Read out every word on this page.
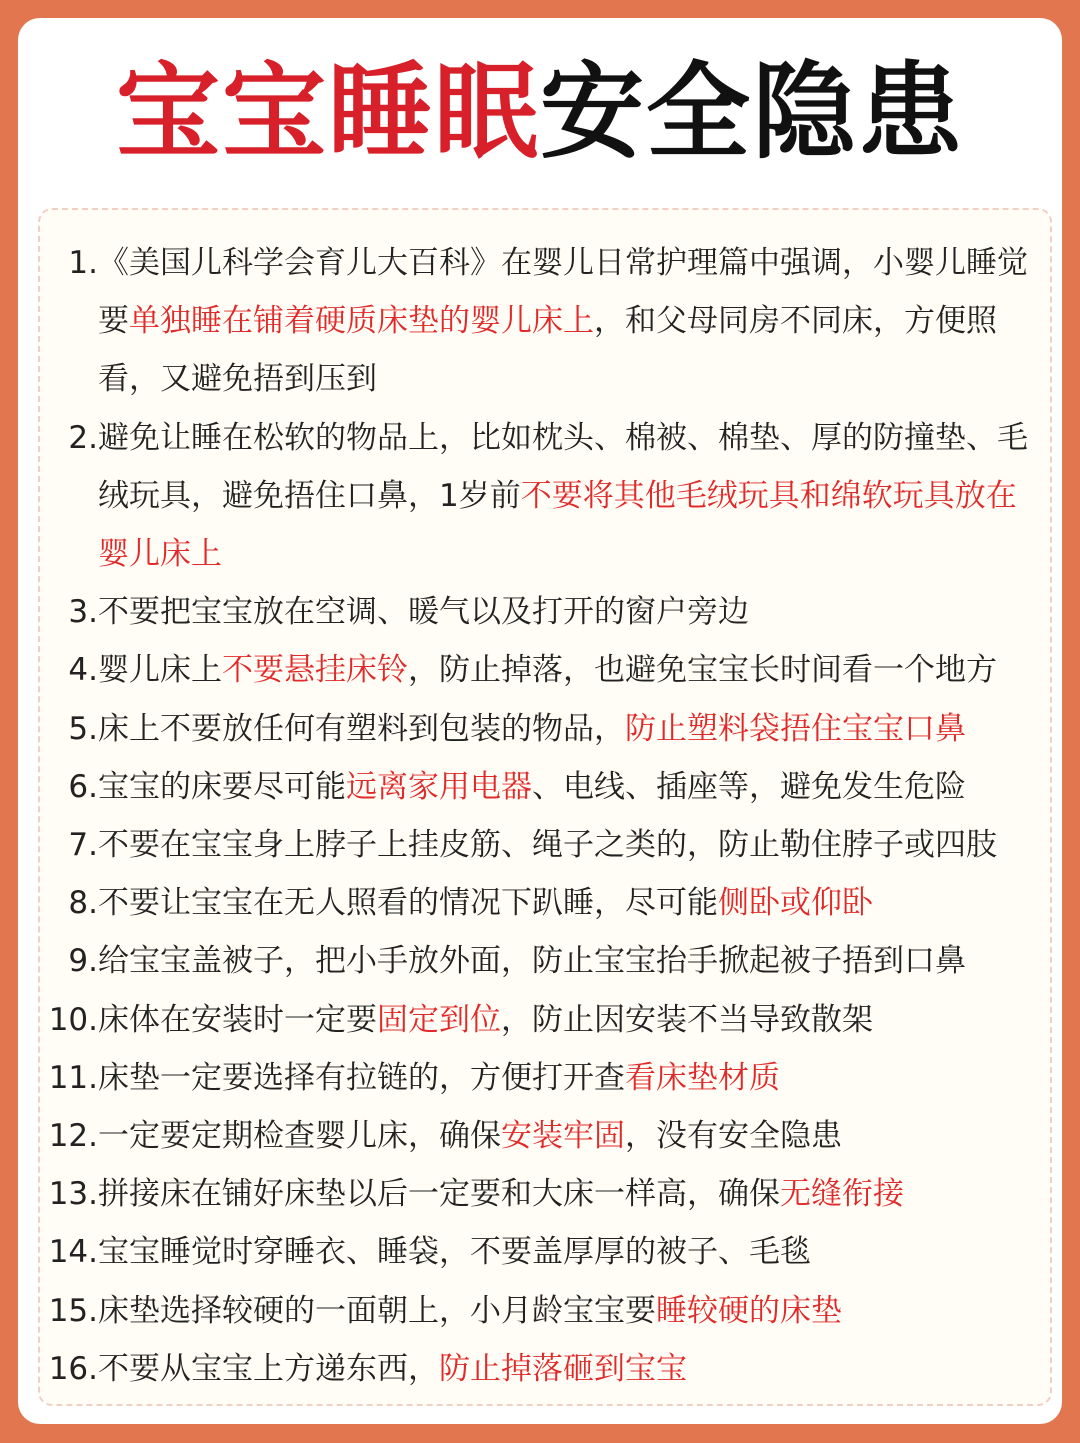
宝宝睡眠安全隐患
1. 《美国儿科学会育儿大百科》在婴儿日常护理篇中强调，小婴儿睡觉要单独睡在铺着硬质床垫的婴儿床上，和父母同房不同床，方便照看，又避免捂到压到
2. 避免让睡在松软的物品上，比如枕头、棉被、棉垫、厚的防撞垫、毛绒玩具，避免捂住口鼻，1岁前不要将其他毛绒玩具和绵软玩具放在婴儿床上
3. 不要把宝宝放在空调、暖气以及打开的窗户旁边
4. 婴儿床上不要悬挂床铃，防止掉落，也避免宝宝长时间看一个地方
5. 床上不要放任何有塑料到包装的物品，防止塑料袋捂住宝宝口鼻
6. 宝宝的床要尽可能远离家用电器、电线、插座等，避免发生危险
7. 不要在宝宝身上脖子上挂皮筋、绳子之类的，防止勒住脖子或四肢
8. 不要让宝宝在无人照看的情况下趴睡，尽可能侧卧或仰卧
9. 给宝宝盖被子，把小手放外面，防止宝宝抬手掀起被子捂到口鼻
10. 床体在安装时一定要固定到位，防止因安装不当导致散架
11. 床垫一定要选择有拉链的，方便打开查看床垫材质
12. 一定要定期检查婴儿床，确保安装牢固，没有安全隐患
13. 拼接床在铺好床垫以后一定要和大床一样高，确保无缝衔接
14. 宝宝睡觉时穿睡衣、睡袋，不要盖厚厚的被子、毛毯
15. 床垫选择较硬的一面朝上，小月龄宝宝要睡较硬的床垫
16. 不要从宝宝上方递东西，防止掉落砸到宝宝
